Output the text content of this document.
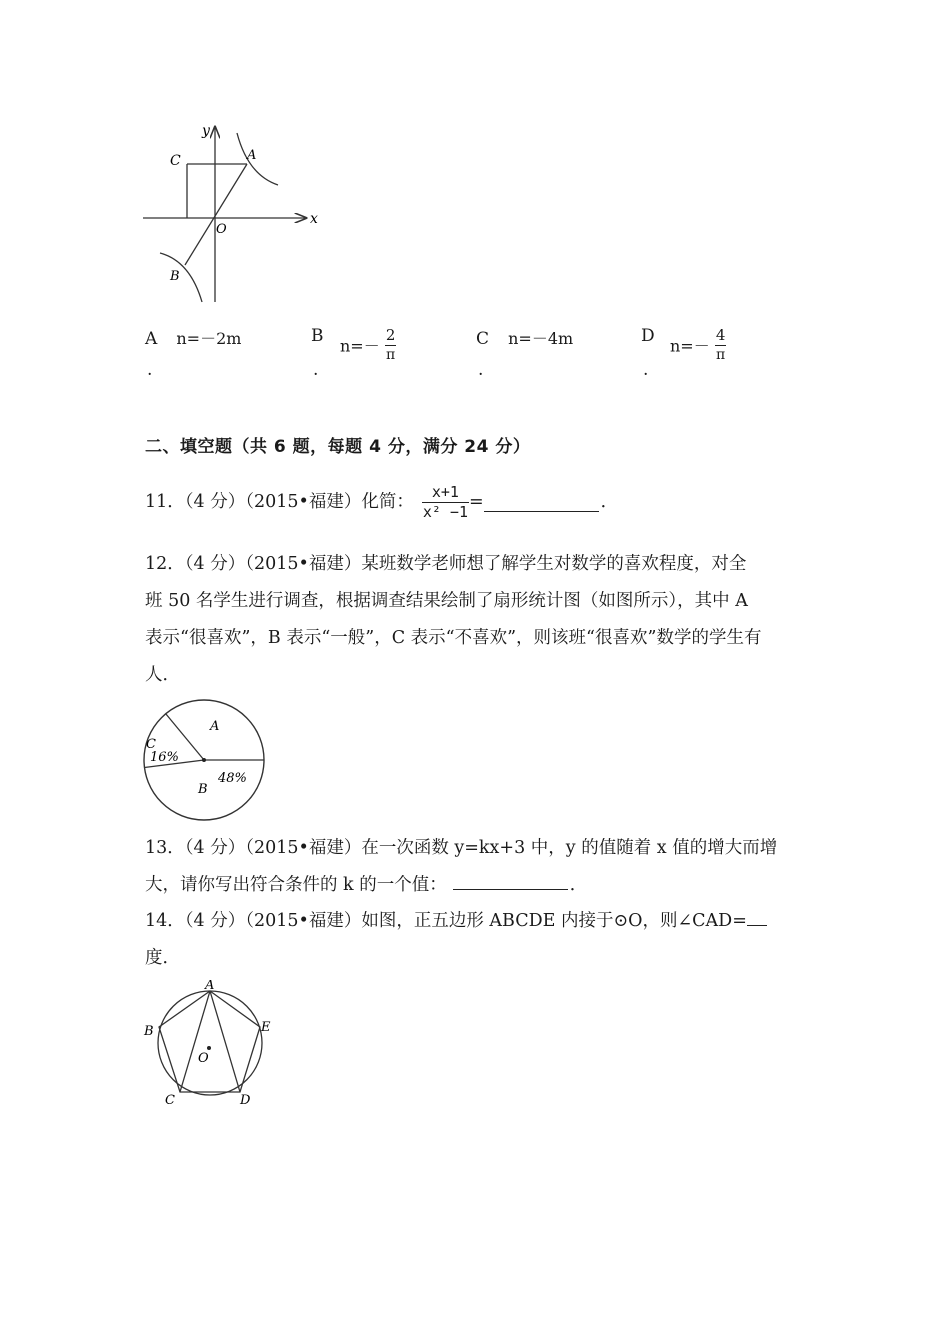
y
x
C	A
O
B
A n=－2m
.
B $n=- \frac{2}{\pi}$
.
C n=－4m
.
D $n=- \frac{4}{\pi}$
.
二、填空题（共 6 题，每题 4 分，满分 24 分）
11．（4 分）（2015•福建）化简： $\frac{x+1}{\text{x² −1}}$ =	．
12．（4 分）（2015•福建）某班数学老师想了解学生对数学的喜欢程度，对全
班 50 名学生进行调查，根据调查结果绘制了扇形统计图（如图所示），其中 A
表示“很喜欢”，B 表示“一般”，C 表示“不喜欢”，则该班“很喜欢”数学的学生有
人．
B
48%
C
16%
A
13．（4 分）（2015•福建）在一次函数 y=kx+3 中，y 的值随着 x 值的增大而增
大，请你写出符合条件的 k 的一个值：	．
14．（4 分）（2015•福建）如图，正五边形 ABCDE 内接于⊙O，则∠CAD=
度．
A
B
C	D
E
O
